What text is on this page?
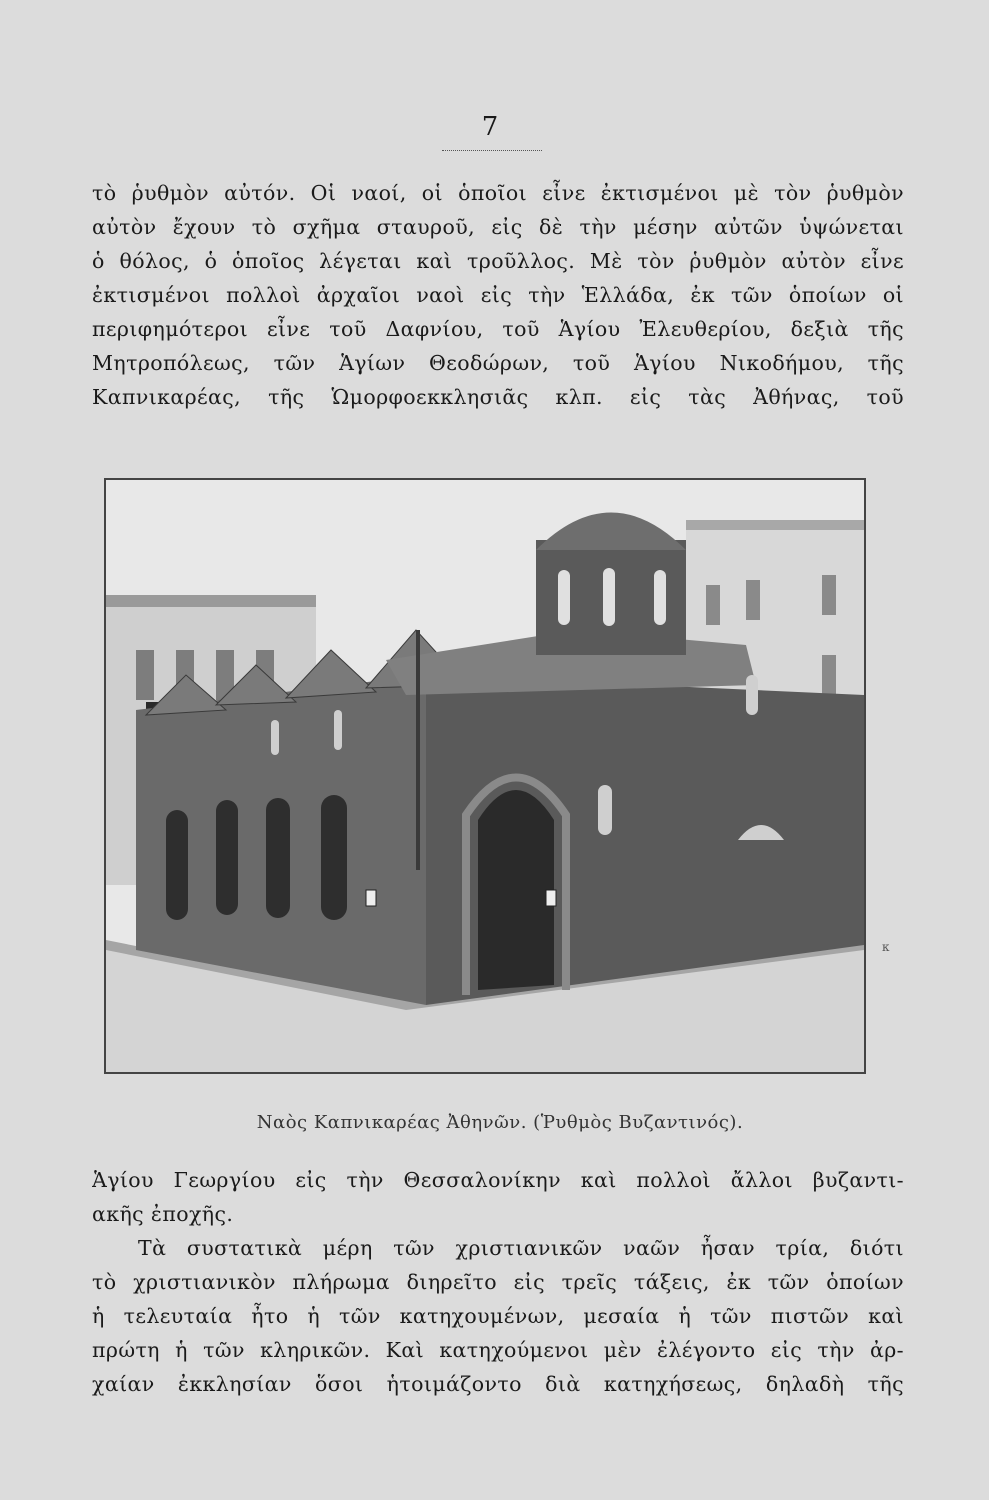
7
τὸ ῥυθμὸν αὐτόν. Οἱ ναοί, οἱ ὁποῖοι εἶνε ἐκτισμένοι μὲ τὸν ῥυθμὸν
αὐτὸν ἔχουν τὸ σχῆμα σταυροῦ, εἰς δὲ τὴν μέσην αὐτῶν ὑψώνεται
ὁ θόλος, ὁ ὁποῖος λέγεται καὶ τροῦλλος. Μὲ τὸν ῥυθμὸν αὐτὸν εἶνε
ἐκτισμένοι πολλοὶ ἀρχαῖοι ναοὶ εἰς τὴν Ἑλλάδα, ἐκ τῶν ὁποίων οἱ
περιφημότεροι εἶνε τοῦ Δαφνίου, τοῦ Ἁγίου Ἐλευθερίου, δεξιὰ τῆς
Μητροπόλεως, τῶν Ἁγίων Θεοδώρων, τοῦ Ἁγίου Νικοδήμου, τῆς
Καπνικαρέας, τῆς Ὡμορφοεκκλησιᾶς κλπ. εἰς τὰς Ἀθήνας, τοῦ
κ
Ναὸς Καπνικαρέας Ἀθηνῶν. (Ῥυθμὸς Βυζαντινός).
Ἁγίου Γεωργίου εἰς τὴν Θεσσαλονίκην καὶ πολλοὶ ἄλλοι βυζαντι-
ακῆς ἐποχῆς.
Τὰ συστατικὰ μέρη τῶν χριστιανικῶν ναῶν ἦσαν τρία, διότι
τὸ χριστιανικὸν πλήρωμα διηρεῖτο εἰς τρεῖς τάξεις, ἐκ τῶν ὁποίων
ἡ τελευταία ἦτο ἡ τῶν κατηχουμένων, μεσαία ἡ τῶν πιστῶν καὶ
πρώτη ἡ τῶν κληρικῶν. Καὶ κατηχούμενοι μὲν ἐλέγοντο εἰς τὴν ἀρ-
χαίαν ἐκκλησίαν ὅσοι ἡτοιμάζοντο διὰ κατηχήσεως, δηλαδὴ τῆς
